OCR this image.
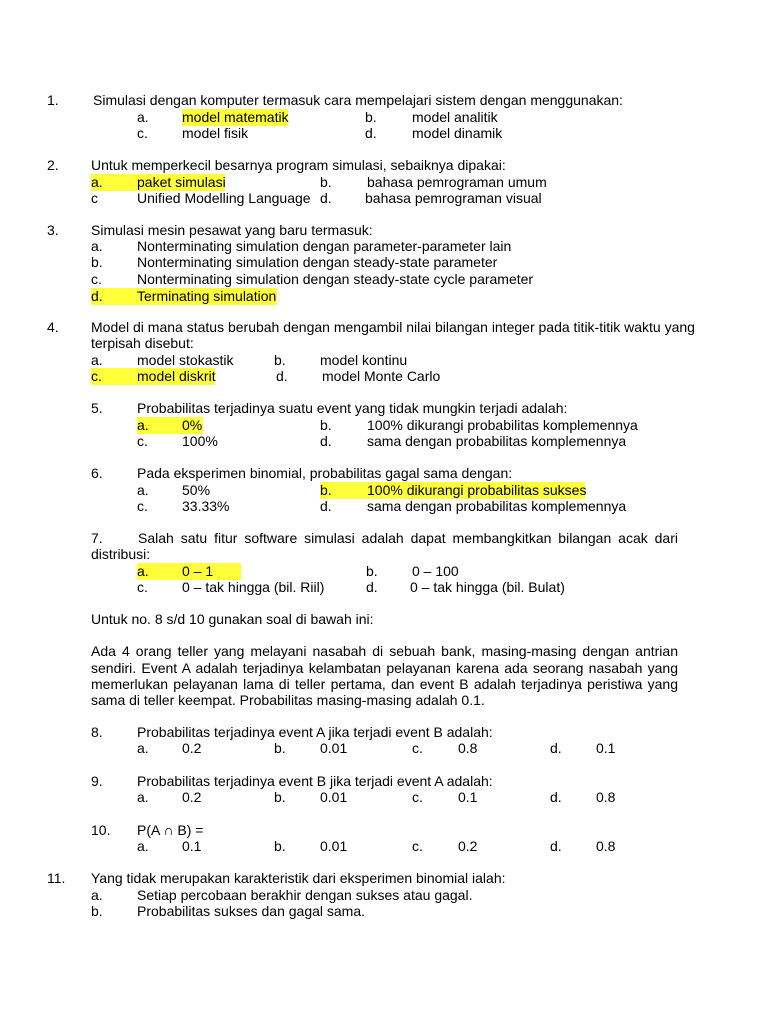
1. Simulasi dengan komputer termasuk cara mempelajari sistem dengan menggunakan:
a. model matematik	b.	model analitik
c. model fisik	d.	model dinamik
2. Untuk memperkecil besarnya program simulasi, sebaiknya dipakai:
a.	paket simulasi	b.	bahasa pemrograman umum
c	Unified Modelling Language d. bahasa pemrograman visual
3. Simulasi mesin pesawat yang baru termasuk:
a. Nonterminating simulation dengan parameter-parameter lain
b. Nonterminating simulation dengan steady-state parameter
c.	Nonterminating simulation dengan steady-state cycle parameter
d.	Terminating simulation
4. Model di mana status berubah dengan mengambil nilai bilangan integer pada titik-titik waktu yang
terpisah disebut:
a. model stokastik	b. model kontinu
c.	model diskrit	d. model Monte Carlo
5. Probabilitas terjadinya suatu event yang tidak mungkin terjadi adalah:
a.	0%	b.	100% dikurangi probabilitas komplemennya
c. 100%	d.	sama dengan probabilitas komplemennya
6. Pada eksperimen binomial, probabilitas gagal sama dengan:
a. 50%	b.	100% dikurangi probabilitas sukses
c. 33.33%	d.	sama dengan probabilitas komplemennya
7.	Salah satu fitur software simulasi adalah dapat membangkitkan bilangan acak dari
distribusi:
a.	0 – 1	b. 0 – 100
c. 0 – tak hingga (bil. Riil)	d. 0 – tak hingga (bil. Bulat)
Untuk no. 8 s/d 10 gunakan soal di bawah ini:
Ada 4 orang teller yang melayani nasabah di sebuah bank, masing-masing dengan antrian
sendiri. Event A adalah terjadinya kelambatan pelayanan karena ada seorang nasabah yang
memerlukan pelayanan lama di teller pertama, dan event B adalah terjadinya peristiwa yang
sama di teller keempat. Probabilitas masing-masing adalah 0.1.
8. Probabilitas terjadinya event A jika terjadi event B adalah:
a. 0.2	b. 0.01	c.	0.8	d. 0.1
9. Probabilitas terjadinya event B jika terjadi event A adalah:
a. 0.2	b. 0.01	c.	0.1	d. 0.8
10. P(A ∩ B) =
a. 0.1	b. 0.01	c.	0.2	d. 0.8
11. Yang tidak merupakan karakteristik dari eksperimen binomial ialah:
a. Setiap percobaan berakhir dengan sukses atau gagal.
b. Probabilitas sukses dan gagal sama.
